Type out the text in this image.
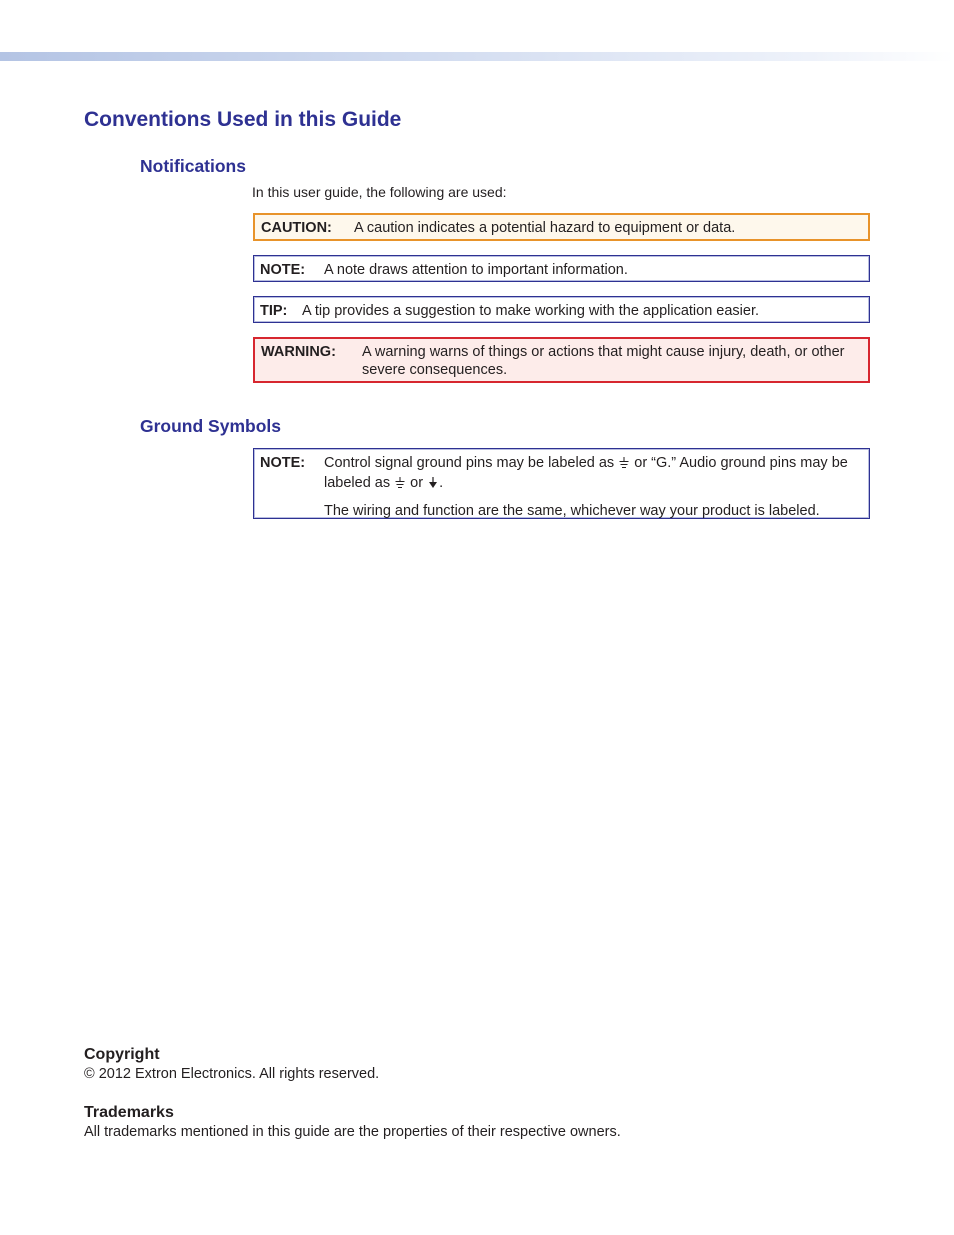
Conventions Used in this Guide
Notifications

In this user guide, the following are used:

CAUTION:	A caution indicates a potential hazard to equipment or data.
NOTE:	A note draws attention to important information.
TIP:	A tip provides a suggestion to make working with the application easier.
WARNING:	A warning warns of things or actions that might cause injury, death, or other severe consequences.
Ground Symbols
NOTE:	Control signal ground pins may be labeled as or “G.” Audio ground pins may be labeled as or .
The wiring and function are the same, whichever way your product is labeled.
Copyright

© 2012 Extron Electronics. All rights reserved.

Trademarks

All trademarks mentioned in this guide are the properties of their respective owners.
